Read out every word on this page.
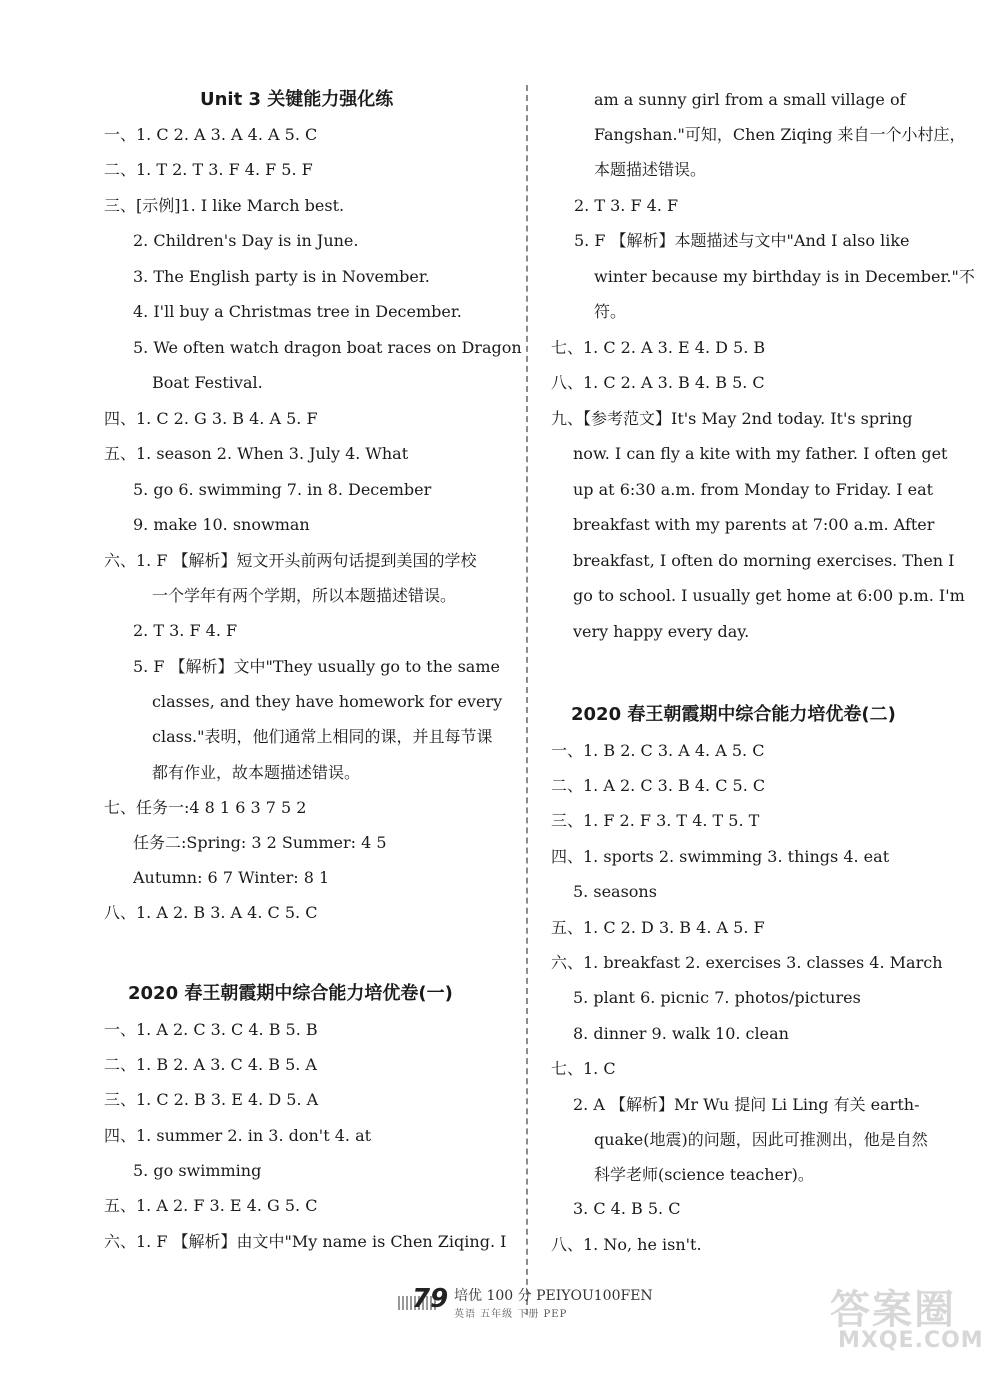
Unit 3 关键能力强化练
一、1. C 2. A 3. A 4. A 5. C
二、1. T 2. T 3. F 4. F 5. F
三、[示例]1. I like March best.
2. Children's Day is in June.
3. The English party is in November.
4. I'll buy a Christmas tree in December.
5. We often watch dragon boat races on Dragon
Boat Festival.
四、1. C 2. G 3. B 4. A 5. F
五、1. season 2. When 3. July 4. What
5. go 6. swimming 7. in 8. December
9. make 10. snowman
六、1. F 【解析】短文开头前两句话提到美国的学校
一个学年有两个学期，所以本题描述错误。
2. T 3. F 4. F
5. F 【解析】文中"They usually go to the same
classes, and they have homework for every
class."表明，他们通常上相同的课，并且每节课
都有作业，故本题描述错误。
七、任务一:4 8 1 6 3 7 5 2
任务二:Spring: 3 2 Summer: 4 5
Autumn: 6 7 Winter: 8 1
八、1. A 2. B 3. A 4. C 5. C
2020 春王朝霞期中综合能力培优卷(一)
一、1. A 2. C 3. C 4. B 5. B
二、1. B 2. A 3. C 4. B 5. A
三、1. C 2. B 3. E 4. D 5. A
四、1. summer 2. in 3. don't 4. at
5. go swimming
五、1. A 2. F 3. E 4. G 5. C
六、1. F 【解析】由文中"My name is Chen Ziqing. I
am a sunny girl from a small village of
Fangshan."可知，Chen Ziqing 来自一个小村庄，
本题描述错误。
2. T 3. F 4. F
5. F 【解析】本题描述与文中"And I also like
winter because my birthday is in December."不
符。
七、1. C 2. A 3. E 4. D 5. B
八、1. C 2. A 3. B 4. B 5. C
九、【参考范文】It's May 2nd today. It's spring
now. I can fly a kite with my father. I often get
up at 6:30 a.m. from Monday to Friday. I eat
breakfast with my parents at 7:00 a.m. After
breakfast, I often do morning exercises. Then I
go to school. I usually get home at 6:00 p.m. I'm
very happy every day.
2020 春王朝霞期中综合能力培优卷(二)
一、1. B 2. C 3. A 4. A 5. C
二、1. A 2. C 3. B 4. C 5. C
三、1. F 2. F 3. T 4. T 5. T
四、1. sports 2. swimming 3. things 4. eat
5. seasons
五、1. C 2. D 3. B 4. A 5. F
六、1. breakfast 2. exercises 3. classes 4. March
5. plant 6. picnic 7. photos/pictures
8. dinner 9. walk 10. clean
七、1. C
2. A 【解析】Mr Wu 提问 Li Ling 有关 earth-
quake(地震)的问题，因此可推测出，他是自然
科学老师(science teacher)。
3. C 4. B 5. C
八、1. No, he isn't.
79 培优 100 分 PEIYOU100FEN
英语 五年级 下册 PEP	答案圈
MXQE.COM
